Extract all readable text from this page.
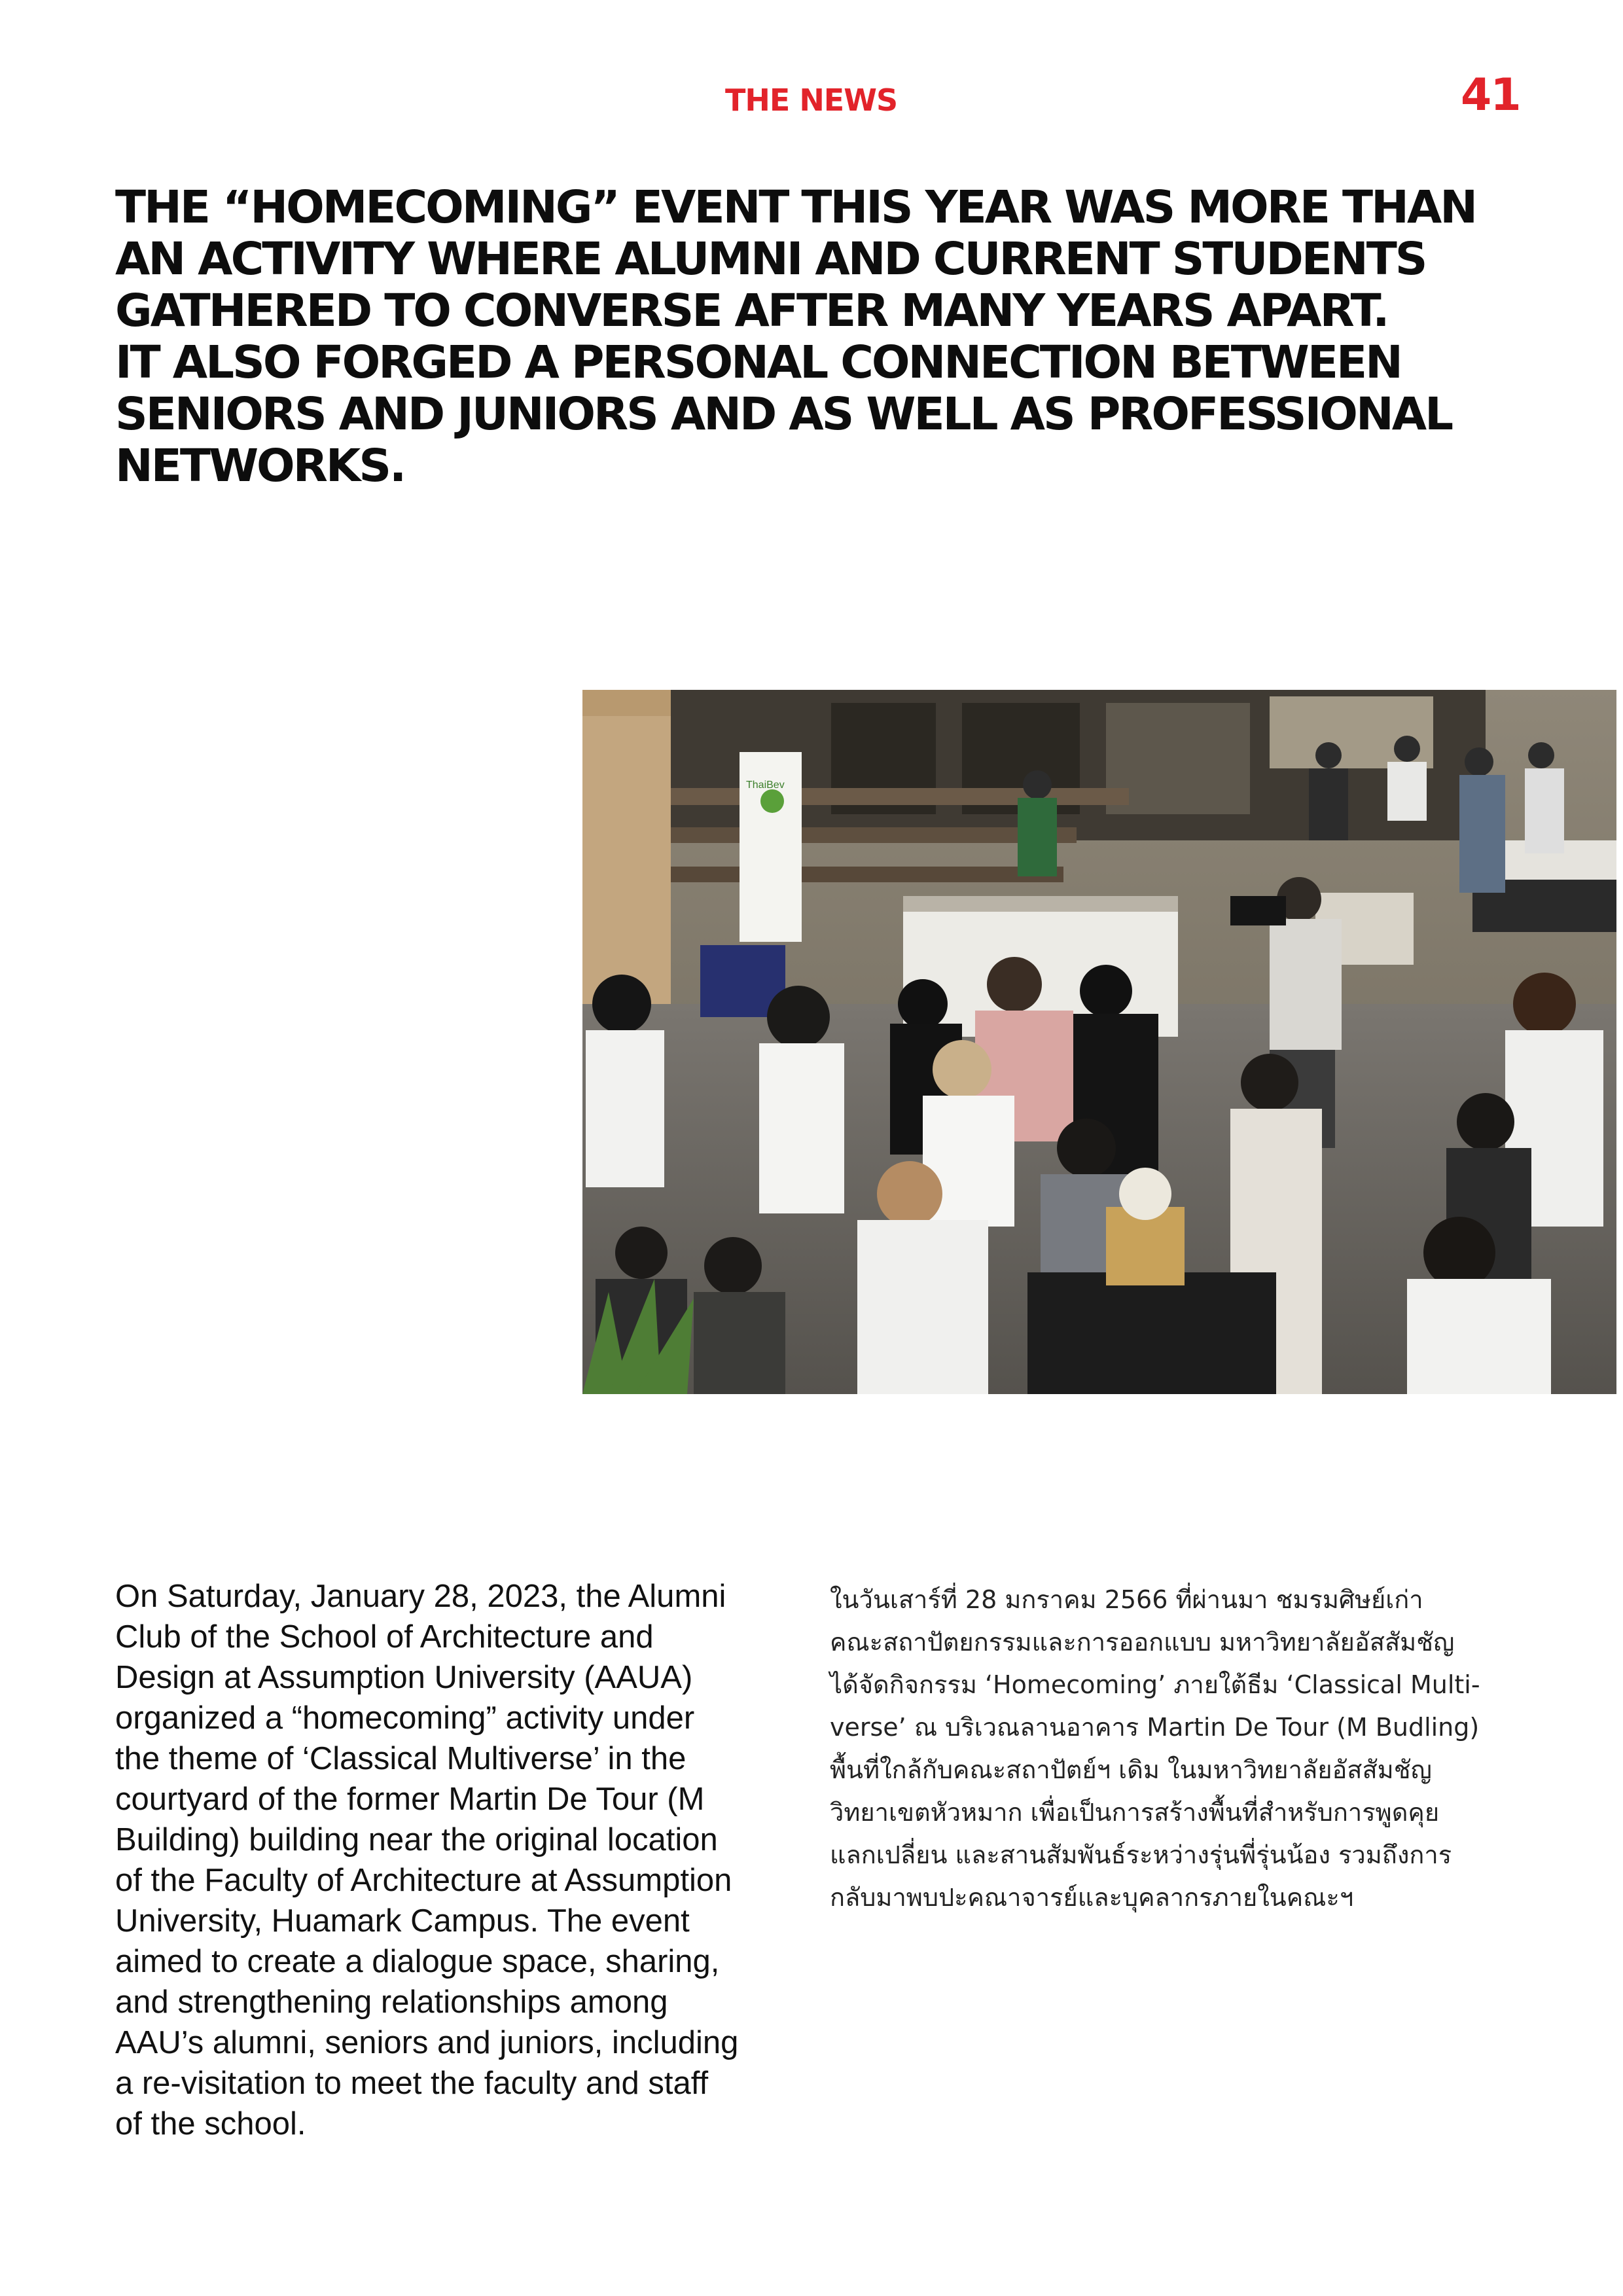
THE NEWS	41
THE “HOMECOMING” EVENT THIS YEAR WAS MORE THAN
AN ACTIVITY WHERE ALUMNI AND CURRENT STUDENTS
GATHERED TO CONVERSE AFTER MANY YEARS APART.
IT ALSO FORGED A PERSONAL CONNECTION BETWEEN
SENIORS AND JUNIORS AND AS WELL AS PROFESSIONAL
NETWORKS.
ThaiBev
On Saturday, January 28, 2023, the Alumni
Club of the School of Architecture and
Design at Assumption University (AAUA)
organized a “homecoming” activity under
the theme of ‘Classical Multiverse’ in the
courtyard of the former Martin De Tour (M
Building) building near the original location
of the Faculty of Architecture at Assumption
University, Huamark Campus. The event
aimed to create a dialogue space, sharing,
and strengthening relationships among
AAU’s alumni, seniors and juniors, including
a re-visitation to meet the faculty and staff
of the school.
ในวันเสาร์ที่ 28 มกราคม 2566 ที่ผ่านมา ชมรมศิษย์เก่า
คณะสถาปัตยกรรมและการออกแบบ มหาวิทยาลัยอัสสัมชัญ
ได้จัดกิจกรรม ‘Homecoming’ ภายใต้ธีม ‘Classical Multi-
verse’ ณ บริเวณลานอาคาร Martin De Tour (M Budling)
พื้นที่ใกล้กับคณะสถาปัตย์ฯ เดิม ในมหาวิทยาลัยอัสสัมชัญ
วิทยาเขตหัวหมาก เพื่อเป็นการสร้างพื้นที่สำหรับการพูดคุย
แลกเปลี่ยน และสานสัมพันธ์ระหว่างรุ่นพี่รุ่นน้อง รวมถึงการ
กลับมาพบปะคณาจารย์และบุคลากรภายในคณะฯ
